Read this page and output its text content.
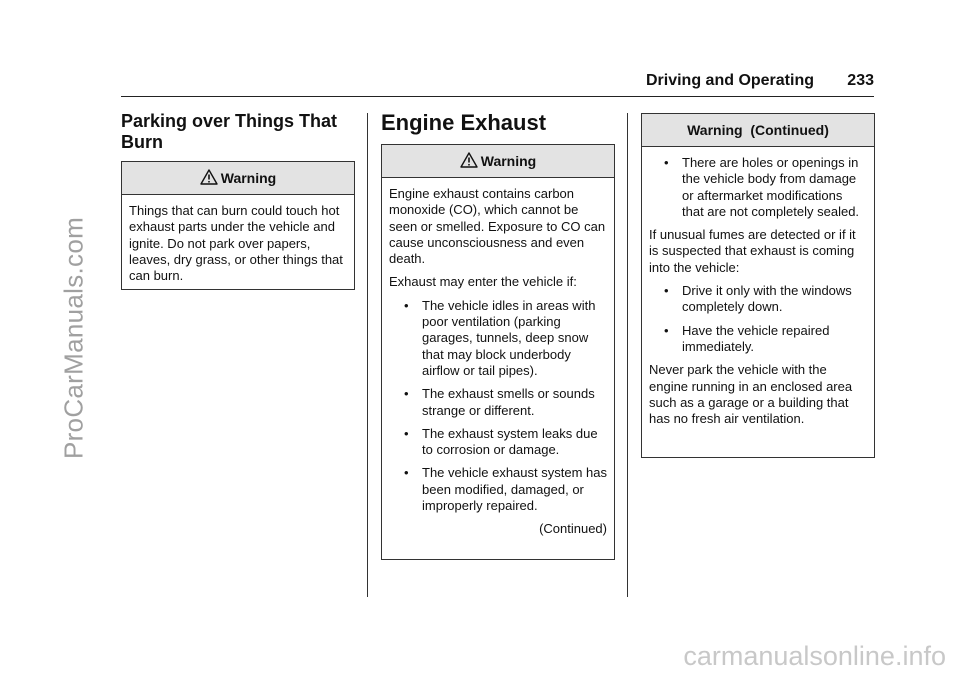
ProCarManuals.com
carmanualsonline.info
Driving and Operating 233
Parking over Things That Burn
Warning

Things that can burn could touch hot exhaust parts under the vehicle and ignite. Do not park over papers, leaves, dry grass, or other things that can burn.

Engine Exhaust
Warning

Engine exhaust contains carbon monoxide (CO), which cannot be seen or smelled. Exposure to CO can cause unconsciousness and even death.

Exhaust may enter the vehicle if:

• The vehicle idles in areas with poor ventilation (parking garages, tunnels, deep snow that may block underbody airflow or tail pipes).
• The exhaust smells or sounds strange or different.
• The exhaust system leaks due to corrosion or damage.
• The vehicle exhaust system has been modified, damaged, or improperly repaired.

(Continued)

Warning  (Continued)
• There are holes or openings in the vehicle body from damage or aftermarket modifications that are not completely sealed.

If unusual fumes are detected or if it is suspected that exhaust is coming into the vehicle:

• Drive it only with the windows completely down.
• Have the vehicle repaired immediately.

Never park the vehicle with the engine running in an enclosed area such as a garage or a building that has no fresh air ventilation.
